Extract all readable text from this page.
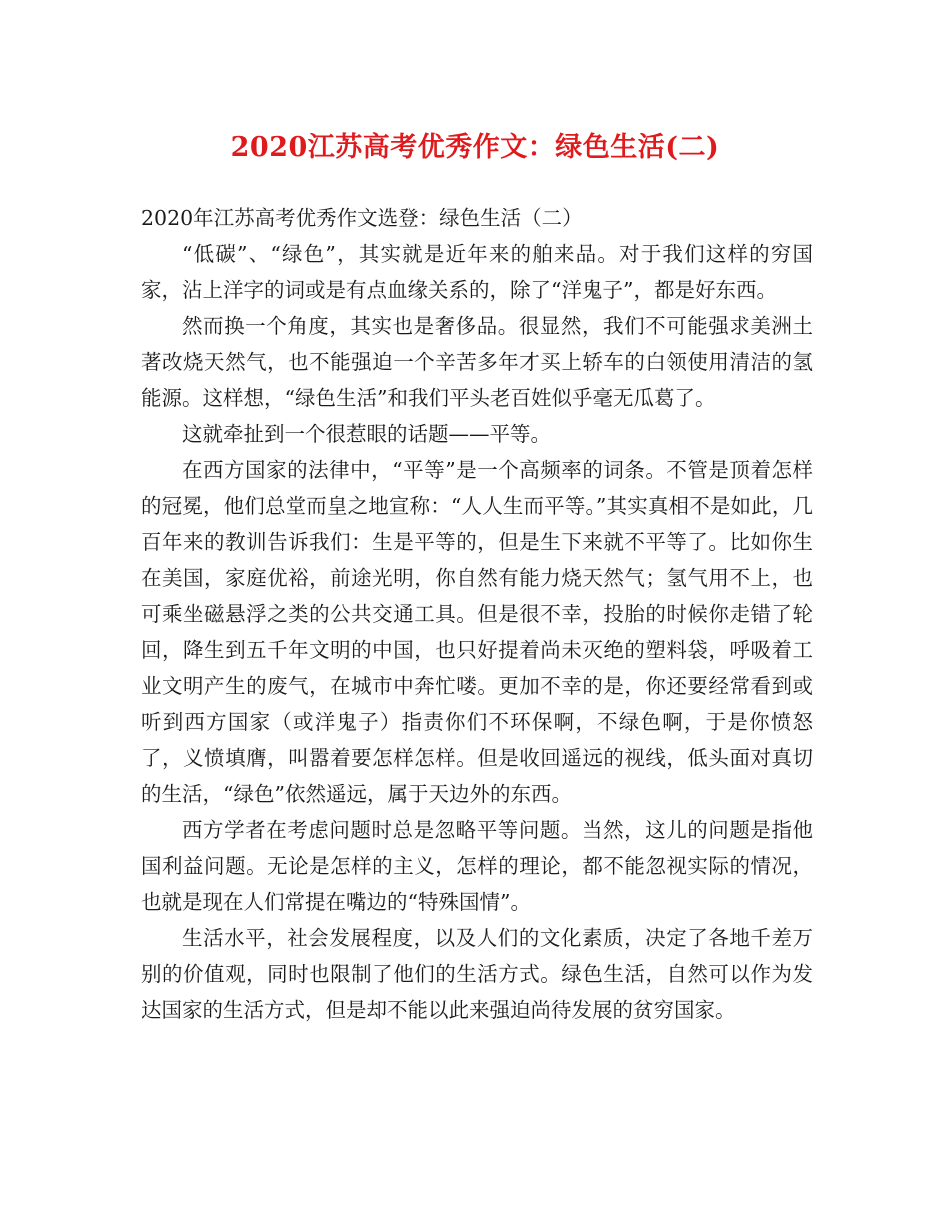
2020江苏高考优秀作文：绿色生活(二)

2020年江苏高考优秀作文选登：绿色生活（二）

“低碳”、“绿色”，其实就是近年来的舶来品。对于我们这样的穷国家，沾上洋字的词或是有点血缘关系的，除了“洋鬼子”，都是好东西。

然而换一个角度，其实也是奢侈品。很显然，我们不可能强求美洲土著改烧天然气，也不能强迫一个辛苦多年才买上轿车的白领使用清洁的氢能源。这样想，“绿色生活”和我们平头老百姓似乎毫无瓜葛了。

这就牵扯到一个很惹眼的话题——平等。

在西方国家的法律中，“平等”是一个高频率的词条。不管是顶着怎样的冠冕，他们总堂而皇之地宣称：“人人生而平等。”其实真相不是如此，几百年来的教训告诉我们：生是平等的，但是生下来就不平等了。比如你生在美国，家庭优裕，前途光明，你自然有能力烧天然气；氢气用不上，也可乘坐磁悬浮之类的公共交通工具。但是很不幸，投胎的时候你走错了轮回，降生到五千年文明的中国，也只好提着尚未灭绝的塑料袋，呼吸着工业文明产生的废气，在城市中奔忙喽。更加不幸的是，你还要经常看到或听到西方国家（或洋鬼子）指责你们不环保啊，不绿色啊，于是你愤怒了，义愤填膺，叫嚣着要怎样怎样。但是收回遥远的视线，低头面对真切的生活，“绿色”依然遥远，属于天边外的东西。

西方学者在考虑问题时总是忽略平等问题。当然，这儿的问题是指他国利益问题。无论是怎样的主义，怎样的理论，都不能忽视实际的情况，也就是现在人们常提在嘴边的“特殊国情”。

生活水平，社会发展程度，以及人们的文化素质，决定了各地千差万别的价值观，同时也限制了他们的生活方式。绿色生活，自然可以作为发达国家的生活方式，但是却不能以此来强迫尚待发展的贫穷国家。
